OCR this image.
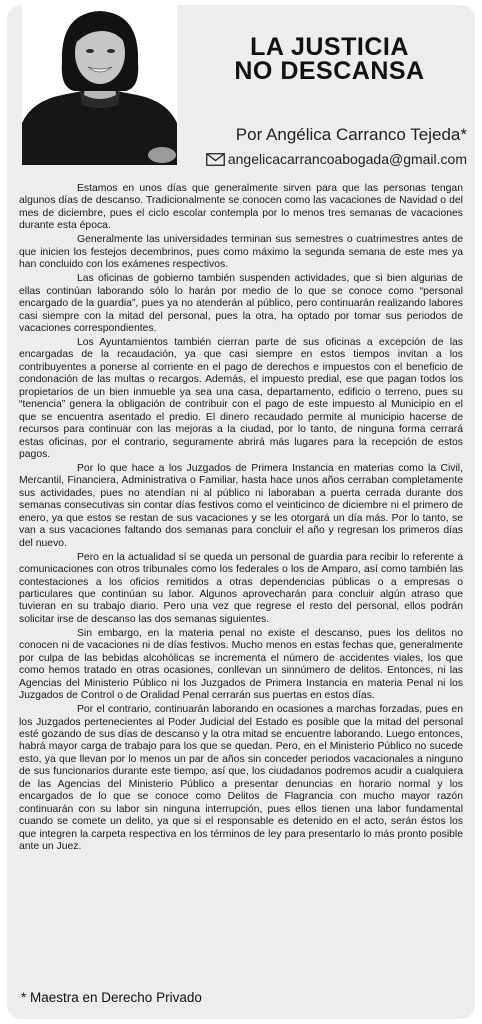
LA JUSTICIA
NO DESCANSA
Por Angélica Carranco Tejeda*
angelicacarrancoabogada@gmail.com

Estamos en unos días que generalmente sirven para que las personas tengan algunos días de descanso. Tradicionalmente se conocen como las vacaciones de Navidad o del mes de diciembre, pues el ciclo escolar contempla por lo menos tres semanas de vacaciones durante esta época.

Generalmente las universidades terminan sus semestres o cuatrimestres antes de que inicien los festejos decembrinos, pues como máximo la segunda semana de este mes ya han concluido con los exámenes respectivos.

Las oficinas de gobierno también suspenden actividades, que si bien algunas de ellas continúan laborando sólo lo harán por medio de lo que se conoce como “personal encargado de la guardia”, pues ya no atenderán al público, pero continuarán realizando labores casi siempre con la mitad del personal, pues la otra, ha optado por tomar sus periodos de vacaciones correspondientes.

Los Ayuntamientos también cierran parte de sus oficinas a excepción de las encargadas de la recaudación, ya que casi siempre en estos tiempos invitan a los contribuyentes a ponerse al corriente en el pago de derechos e impuestos con el beneficio de condonación de las multas o recargos. Además, el impuesto predial, ese que pagan todos los propietarios de un bien inmueble ya sea una casa, departamento, edificio o terreno, pues su “tenencia” genera la obligación de contribuir con el pago de este impuesto al Municipio en el que se encuentra asentado el predio. El dinero recaudado permite al municipio hacerse de recursos para continuar con las mejoras a la ciudad, por lo tanto, de ninguna forma cerrará estas oficinas, por el contrario, seguramente abrirá más lugares para la recepción de estos pagos.

Por lo que hace a los Juzgados de Primera Instancia en materias como la Civil, Mercantil, Financiera, Administrativa o Familiar, hasta hace unos años cerraban completamente sus actividades, pues no atendían ni al público ni laboraban a puerta cerrada durante dos semanas consecutivas sin contar días festivos como el veinticinco de diciembre ni el primero de enero, ya que estos se restan de sus vacaciones y se les otorgará un día más. Por lo tanto, se van a sus vacaciones faltando dos semanas para concluir el año y regresan los primeros días del nuevo.

Pero en la actualidad sí se queda un personal de guardia para recibir lo referente a comunicaciones con otros tribunales como los federales o los de Amparo, así como también las contestaciones a los oficios remitidos a otras dependencias públicas o a empresas o particulares que continúan su labor. Algunos aprovecharán para concluir algún atraso que tuvieran en su trabajo diario. Pero una vez que regrese el resto del personal, ellos podrán solicitar irse de descanso las dos semanas siguientes.

Sin embargo, en la materia penal no existe el descanso, pues los delitos no conocen ni de vacaciones ni de días festivos. Mucho menos en estas fechas que, generalmente por culpa de las bebidas alcohólicas se incrementa el número de accidentes viales, los que como hemos tratado en otras ocasiones, conllevan un sinnúmero de delitos. Entonces, ni las Agencias del Ministerio Público ni los Juzgados de Primera Instancia en materia Penal ni los Juzgados de Control o de Oralidad Penal cerrarán sus puertas en estos días.

Por el contrario, continuarán laborando en ocasiones a marchas forzadas, pues en los Juzgados pertenecientes al Poder Judicial del Estado es posible que la mitad del personal esté gozando de sus días de descanso y la otra mitad se encuentre laborando. Luego entonces, habrá mayor carga de trabajo para los que se quedan. Pero, en el Ministerio Público no sucede esto, ya que llevan por lo menos un par de años sin conceder periodos vacacionales a ninguno de sus funcionarios durante este tiempo, así que, los ciudadanos podremos acudir a cualquiera de las Agencias del Ministerio Público a presentar denuncias en horario normal y los encargados de lo que se conoce como Delitos de Flagrancia con mucho mayor razón continuarán con su labor sin ninguna interrupción, pues ellos tienen una labor fundamental cuando se comete un delito, ya que si el responsable es detenido en el acto, serán éstos los que integren la carpeta respectiva en los términos de ley para presentarlo lo más pronto posible ante un Juez.

* Maestra en Derecho Privado
